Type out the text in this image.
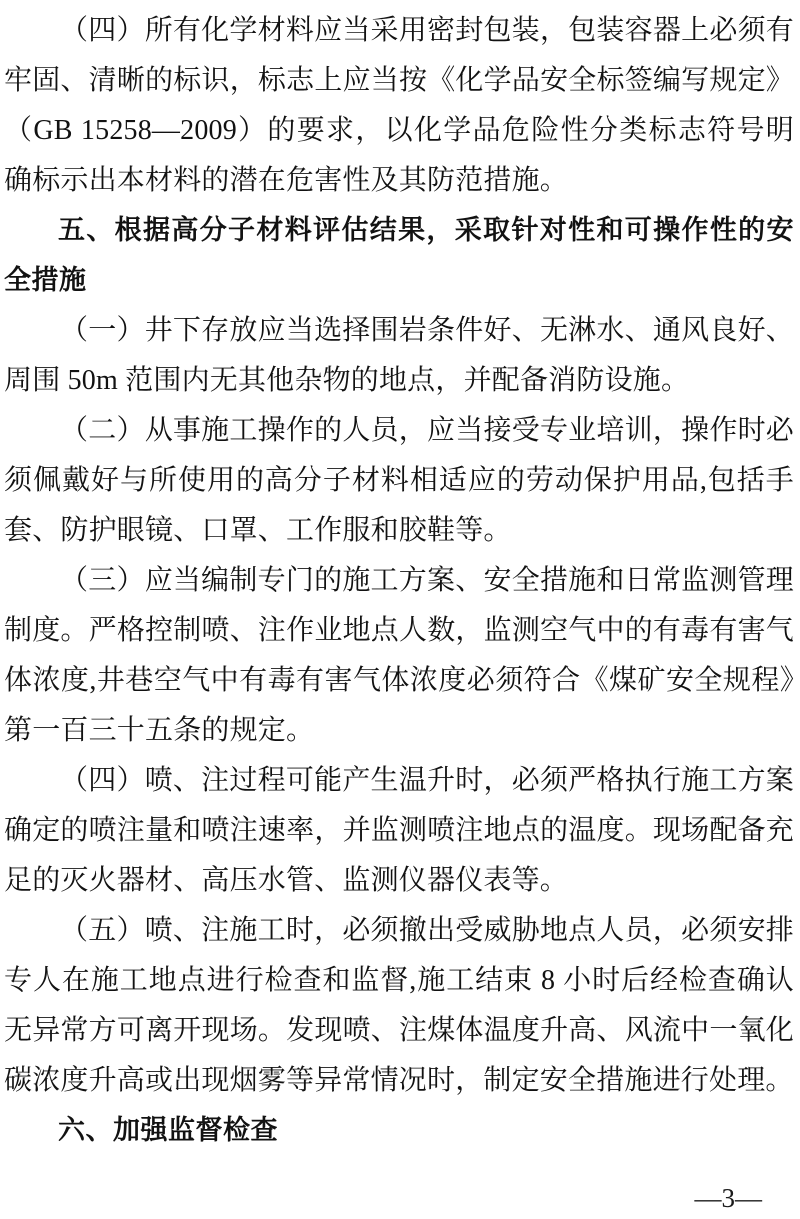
（四）所有化学材料应当采用密封包装，包装容器上必须有牢固、清晰的标识，标志上应当按《化学品安全标签编写规定》（GB 15258—2009）的要求，以化学品危险性分类标志符号明确标示出本材料的潜在危害性及其防范措施。

五、根据高分子材料评估结果，采取针对性和可操作性的安全措施

（一）井下存放应当选择围岩条件好、无淋水、通风良好、周围 50m 范围内无其他杂物的地点，并配备消防设施。

（二）从事施工操作的人员，应当接受专业培训，操作时必须佩戴好与所使用的高分子材料相适应的劳动保护用品,包括手套、防护眼镜、口罩、工作服和胶鞋等。

（三）应当编制专门的施工方案、安全措施和日常监测管理制度。严格控制喷、注作业地点人数，监测空气中的有毒有害气体浓度,井巷空气中有毒有害气体浓度必须符合《煤矿安全规程》第一百三十五条的规定。

（四）喷、注过程可能产生温升时，必须严格执行施工方案确定的喷注量和喷注速率，并监测喷注地点的温度。现场配备充足的灭火器材、高压水管、监测仪器仪表等。

（五）喷、注施工时，必须撤出受威胁地点人员，必须安排专人在施工地点进行检查和监督,施工结束 8 小时后经检查确认无异常方可离开现场。发现喷、注煤体温度升高、风流中一氧化碳浓度升高或出现烟雾等异常情况时，制定安全措施进行处理。

六、加强监督检查

—3—
